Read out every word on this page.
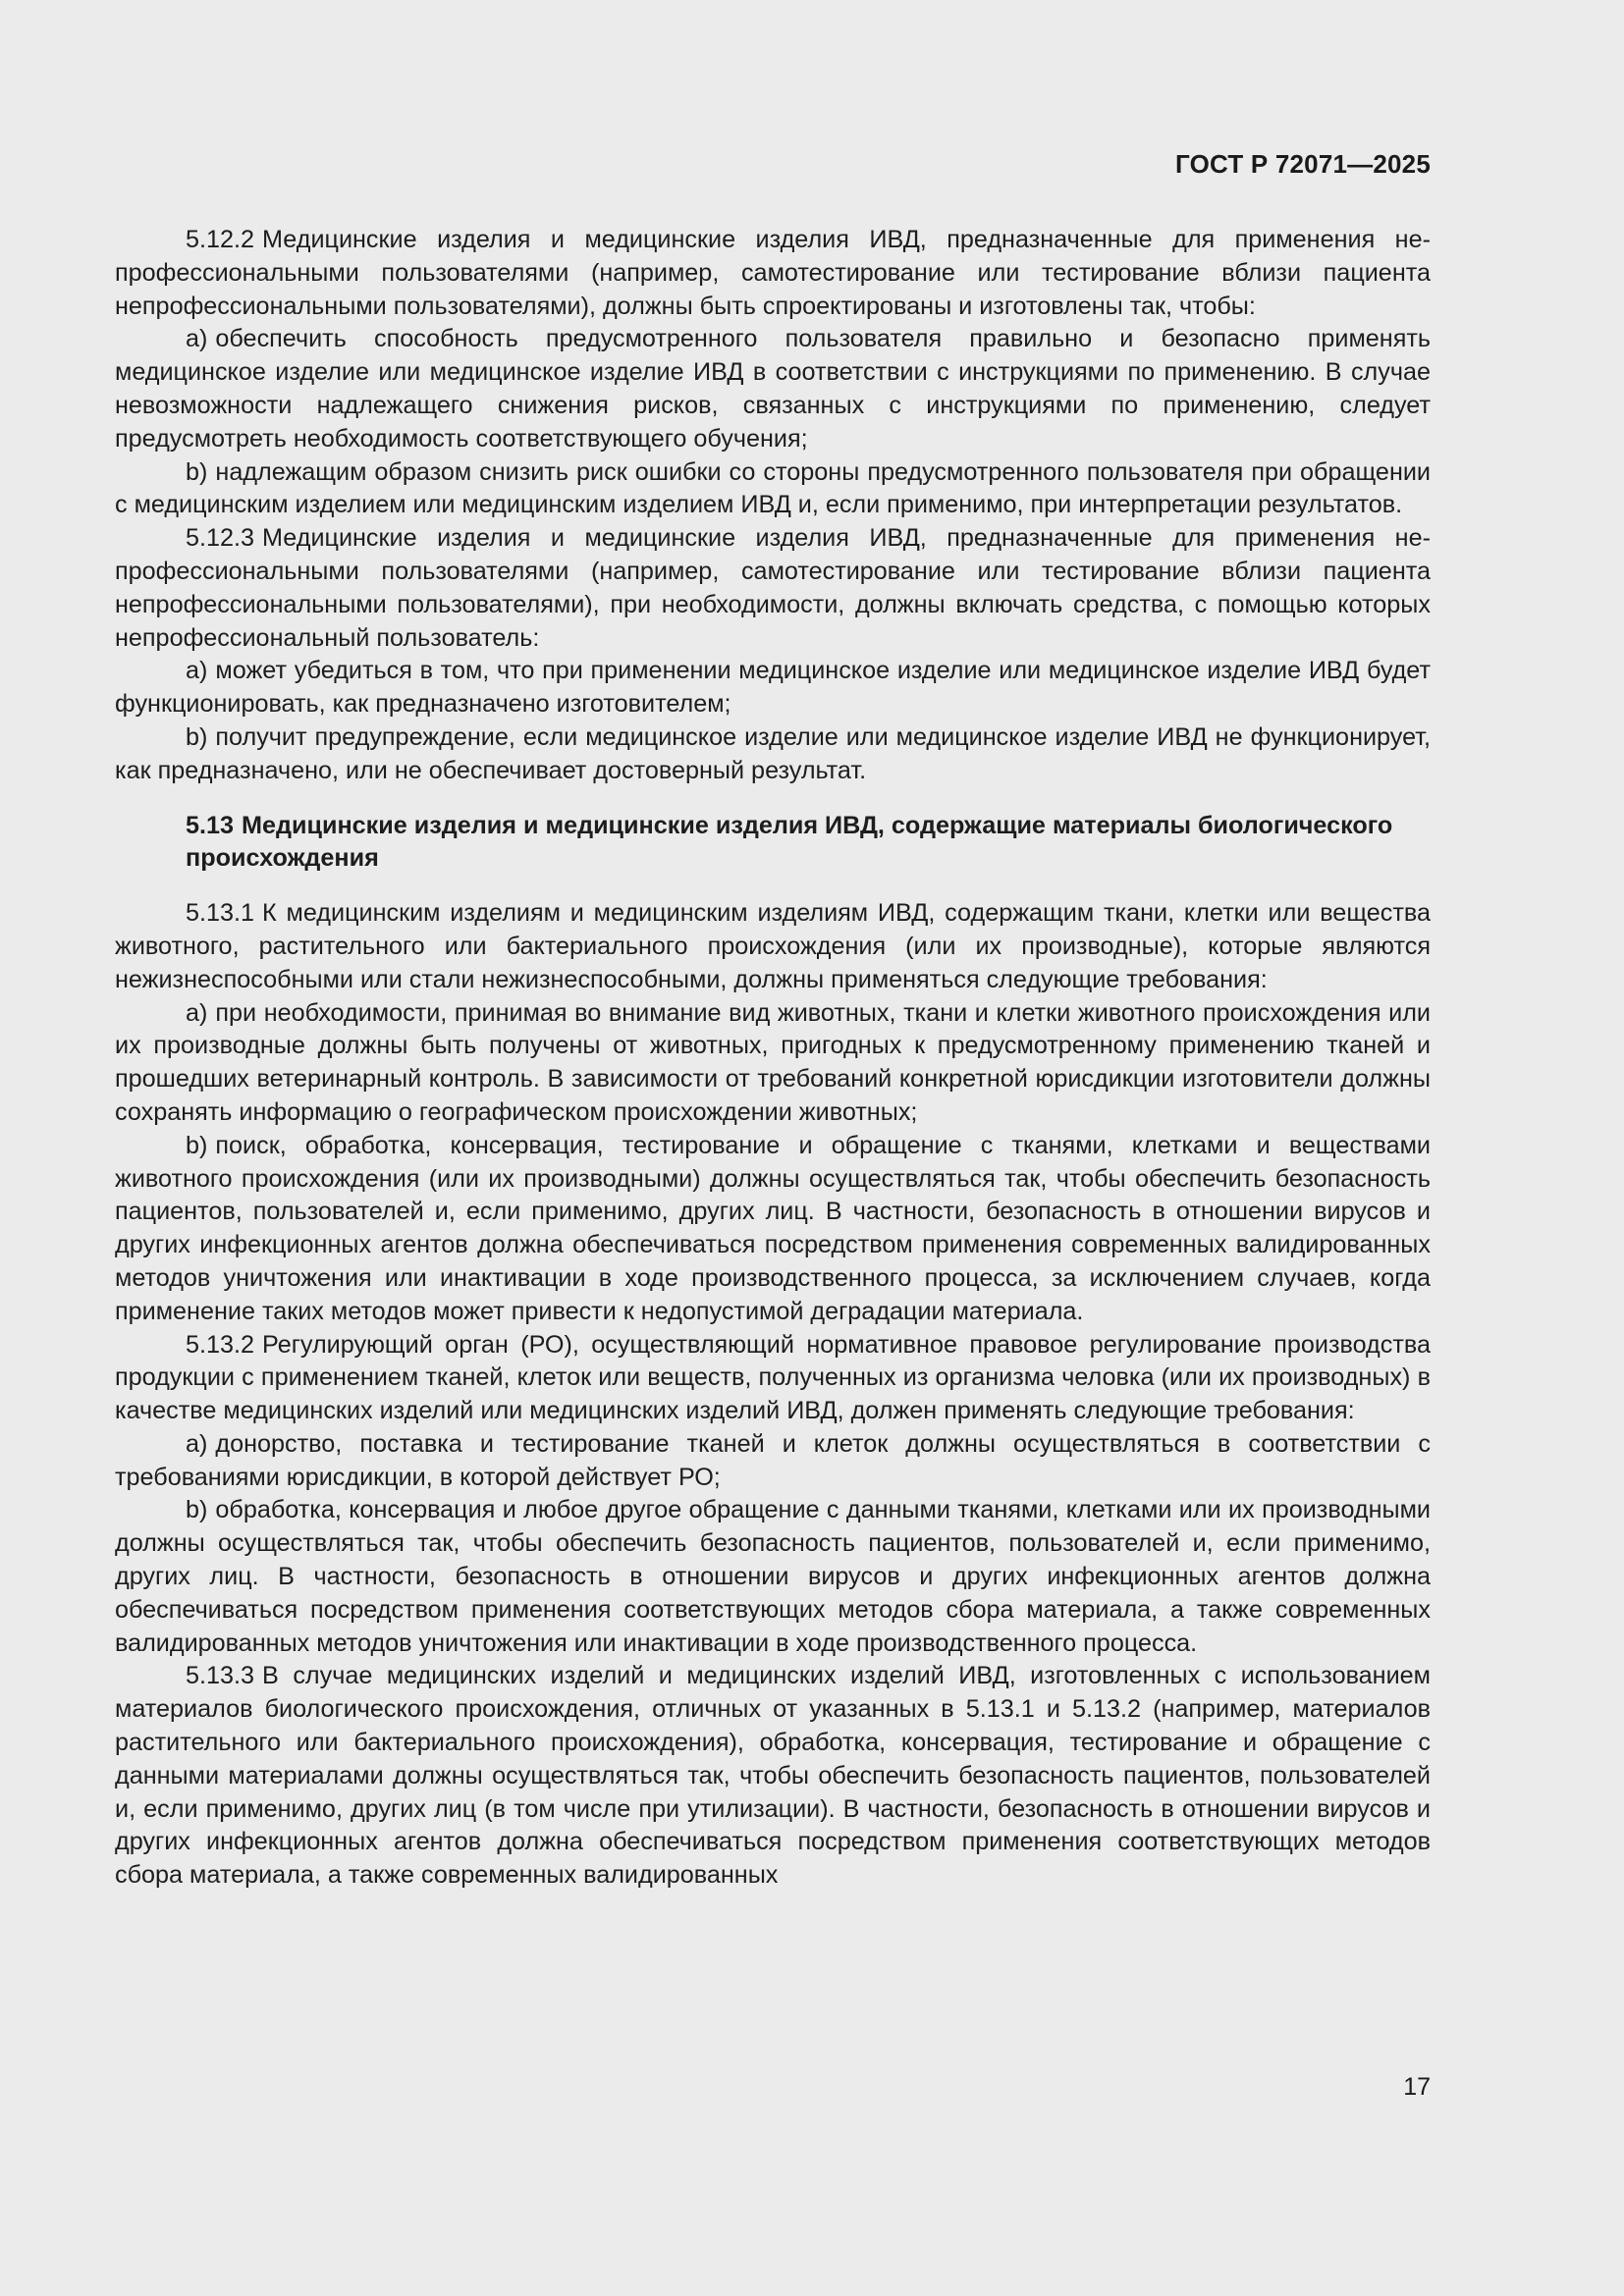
ГОСТ Р 72071—2025

5.12.2 Медицинские изделия и медицинские изделия ИВД, предназначенные для применения непрофессиональными пользователями (например, самотестирование или тестирование вблизи пациента непрофессиональными пользователями), должны быть спроектированы и изготовлены так, чтобы:

a) обеспечить способность предусмотренного пользователя правильно и безопасно применять медицинское изделие или медицинское изделие ИВД в соответствии с инструкциями по применению. В случае невозможности надлежащего снижения рисков, связанных с инструкциями по применению, следует предусмотреть необходимость соответствующего обучения;

b) надлежащим образом снизить риск ошибки со стороны предусмотренного пользователя при обращении с медицинским изделием или медицинским изделием ИВД и, если применимо, при интерпретации результатов.

5.12.3 Медицинские изделия и медицинские изделия ИВД, предназначенные для применения непрофессиональными пользователями (например, самотестирование или тестирование вблизи пациента непрофессиональными пользователями), при необходимости, должны включать средства, с помощью которых непрофессиональный пользователь:

a) может убедиться в том, что при применении медицинское изделие или медицинское изделие ИВД будет функционировать, как предназначено изготовителем;

b) получит предупреждение, если медицинское изделие или медицинское изделие ИВД не функционирует, как предназначено, или не обеспечивает достоверный результат.

5.13 Медицинские изделия и медицинские изделия ИВД, содержащие материалы биологического происхождения

5.13.1 К медицинским изделиям и медицинским изделиям ИВД, содержащим ткани, клетки или вещества животного, растительного или бактериального происхождения (или их производные), которые являются нежизнеспособными или стали нежизнеспособными, должны применяться следующие требования:

a) при необходимости, принимая во внимание вид животных, ткани и клетки животного происхождения или их производные должны быть получены от животных, пригодных к предусмотренному применению тканей и прошедших ветеринарный контроль. В зависимости от требований конкретной юрисдикции изготовители должны сохранять информацию о географическом происхождении животных;

b) поиск, обработка, консервация, тестирование и обращение с тканями, клетками и веществами животного происхождения (или их производными) должны осуществляться так, чтобы обеспечить безопасность пациентов, пользователей и, если применимо, других лиц. В частности, безопасность в отношении вирусов и других инфекционных агентов должна обеспечиваться посредством применения современных валидированных методов уничтожения или инактивации в ходе производственного процесса, за исключением случаев, когда применение таких методов может привести к недопустимой деградации материала.

5.13.2 Регулирующий орган (РО), осуществляющий нормативное правовое регулирование производства продукции с применением тканей, клеток или веществ, полученных из организма человка (или их производных) в качестве медицинских изделий или медицинских изделий ИВД, должен применять следующие требования:

a) донорство, поставка и тестирование тканей и клеток должны осуществляться в соответствии с требованиями юрисдикции, в которой действует РО;

b) обработка, консервация и любое другое обращение с данными тканями, клетками или их производными должны осуществляться так, чтобы обеспечить безопасность пациентов, пользователей и, если применимо, других лиц. В частности, безопасность в отношении вирусов и других инфекционных агентов должна обеспечиваться посредством применения соответствующих методов сбора материала, а также современных валидированных методов уничтожения или инактивации в ходе производственного процесса.

5.13.3 В случае медицинских изделий и медицинских изделий ИВД, изготовленных с использованием материалов биологического происхождения, отличных от указанных в 5.13.1 и 5.13.2 (например, материалов растительного или бактериального происхождения), обработка, консервация, тестирование и обращение с данными материалами должны осуществляться так, чтобы обеспечить безопасность пациентов, пользователей и, если применимо, других лиц (в том числе при утилизации). В частности, безопасность в отношении вирусов и других инфекционных агентов должна обеспечиваться посредством применения соответствующих методов сбора материала, а также современных валидированных

17
